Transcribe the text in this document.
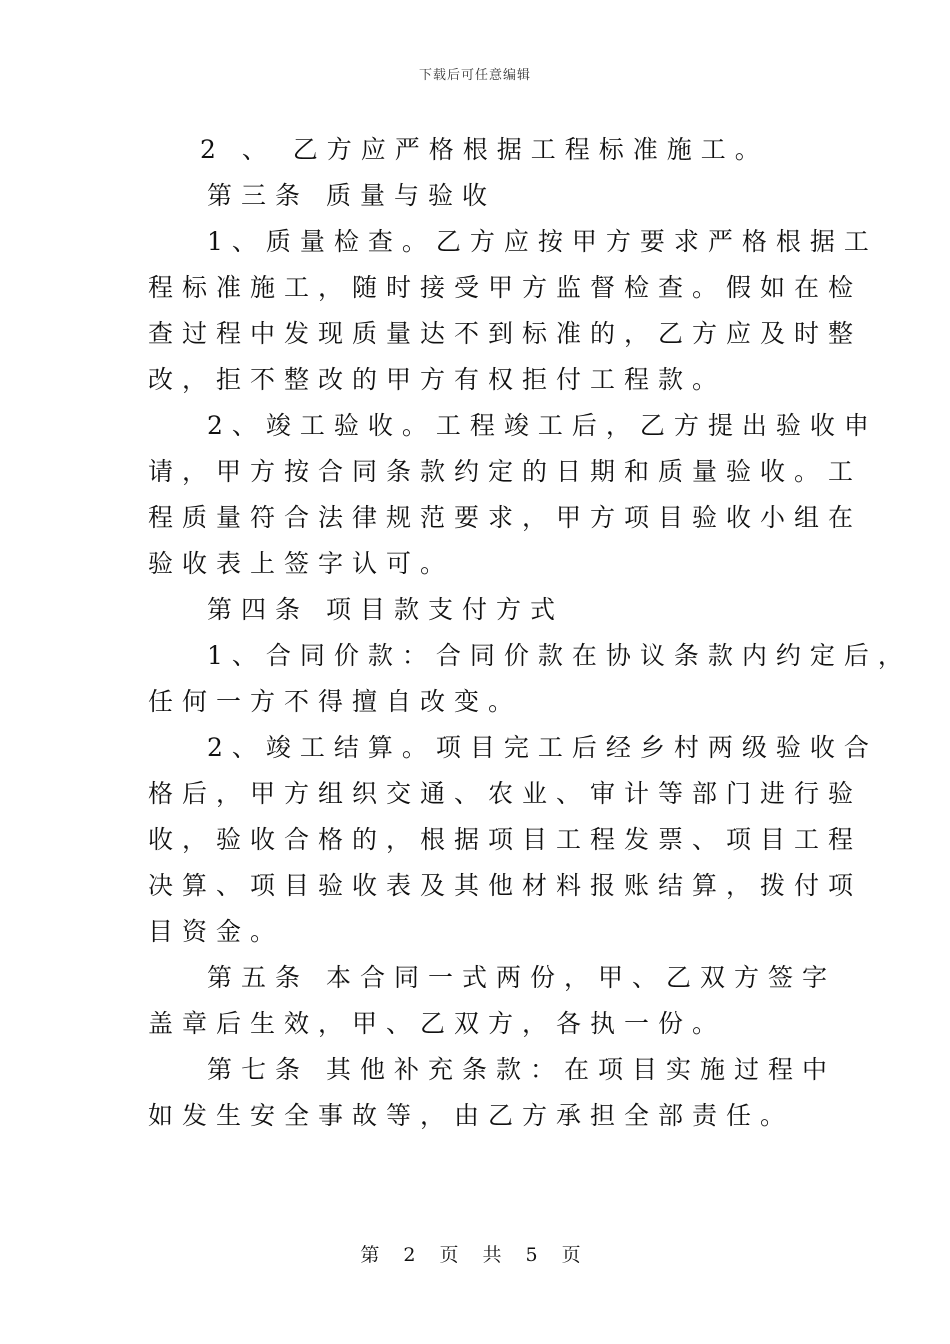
下载后可任意编辑
2 、 乙方应严格根据工程标准施工。
第三条 质量与验收
1、质量检查。乙方应按甲方要求严格根据工
程标准施工，随时接受甲方监督检查。假如在检
查过程中发现质量达不到标准的，乙方应及时整
改，拒不整改的甲方有权拒付工程款。
2、竣工验收。工程竣工后，乙方提出验收申
请，甲方按合同条款约定的日期和质量验收。工
程质量符合法律规范要求，甲方项目验收小组在
验收表上签字认可。
第四条 项目款支付方式
1、合同价款：合同价款在协议条款内约定后，
任何一方不得擅自改变。
2、竣工结算。项目完工后经乡村两级验收合
格后，甲方组织交通、农业、审计等部门进行验
收，验收合格的，根据项目工程发票、项目工程
决算、项目验收表及其他材料报账结算，拨付项
目资金。
第五条 本合同一式两份，甲、乙双方签字
盖章后生效，甲、乙双方，各执一份。
第七条 其他补充条款：在项目实施过程中
如发生安全事故等，由乙方承担全部责任。
第 2 页 共 5 页
